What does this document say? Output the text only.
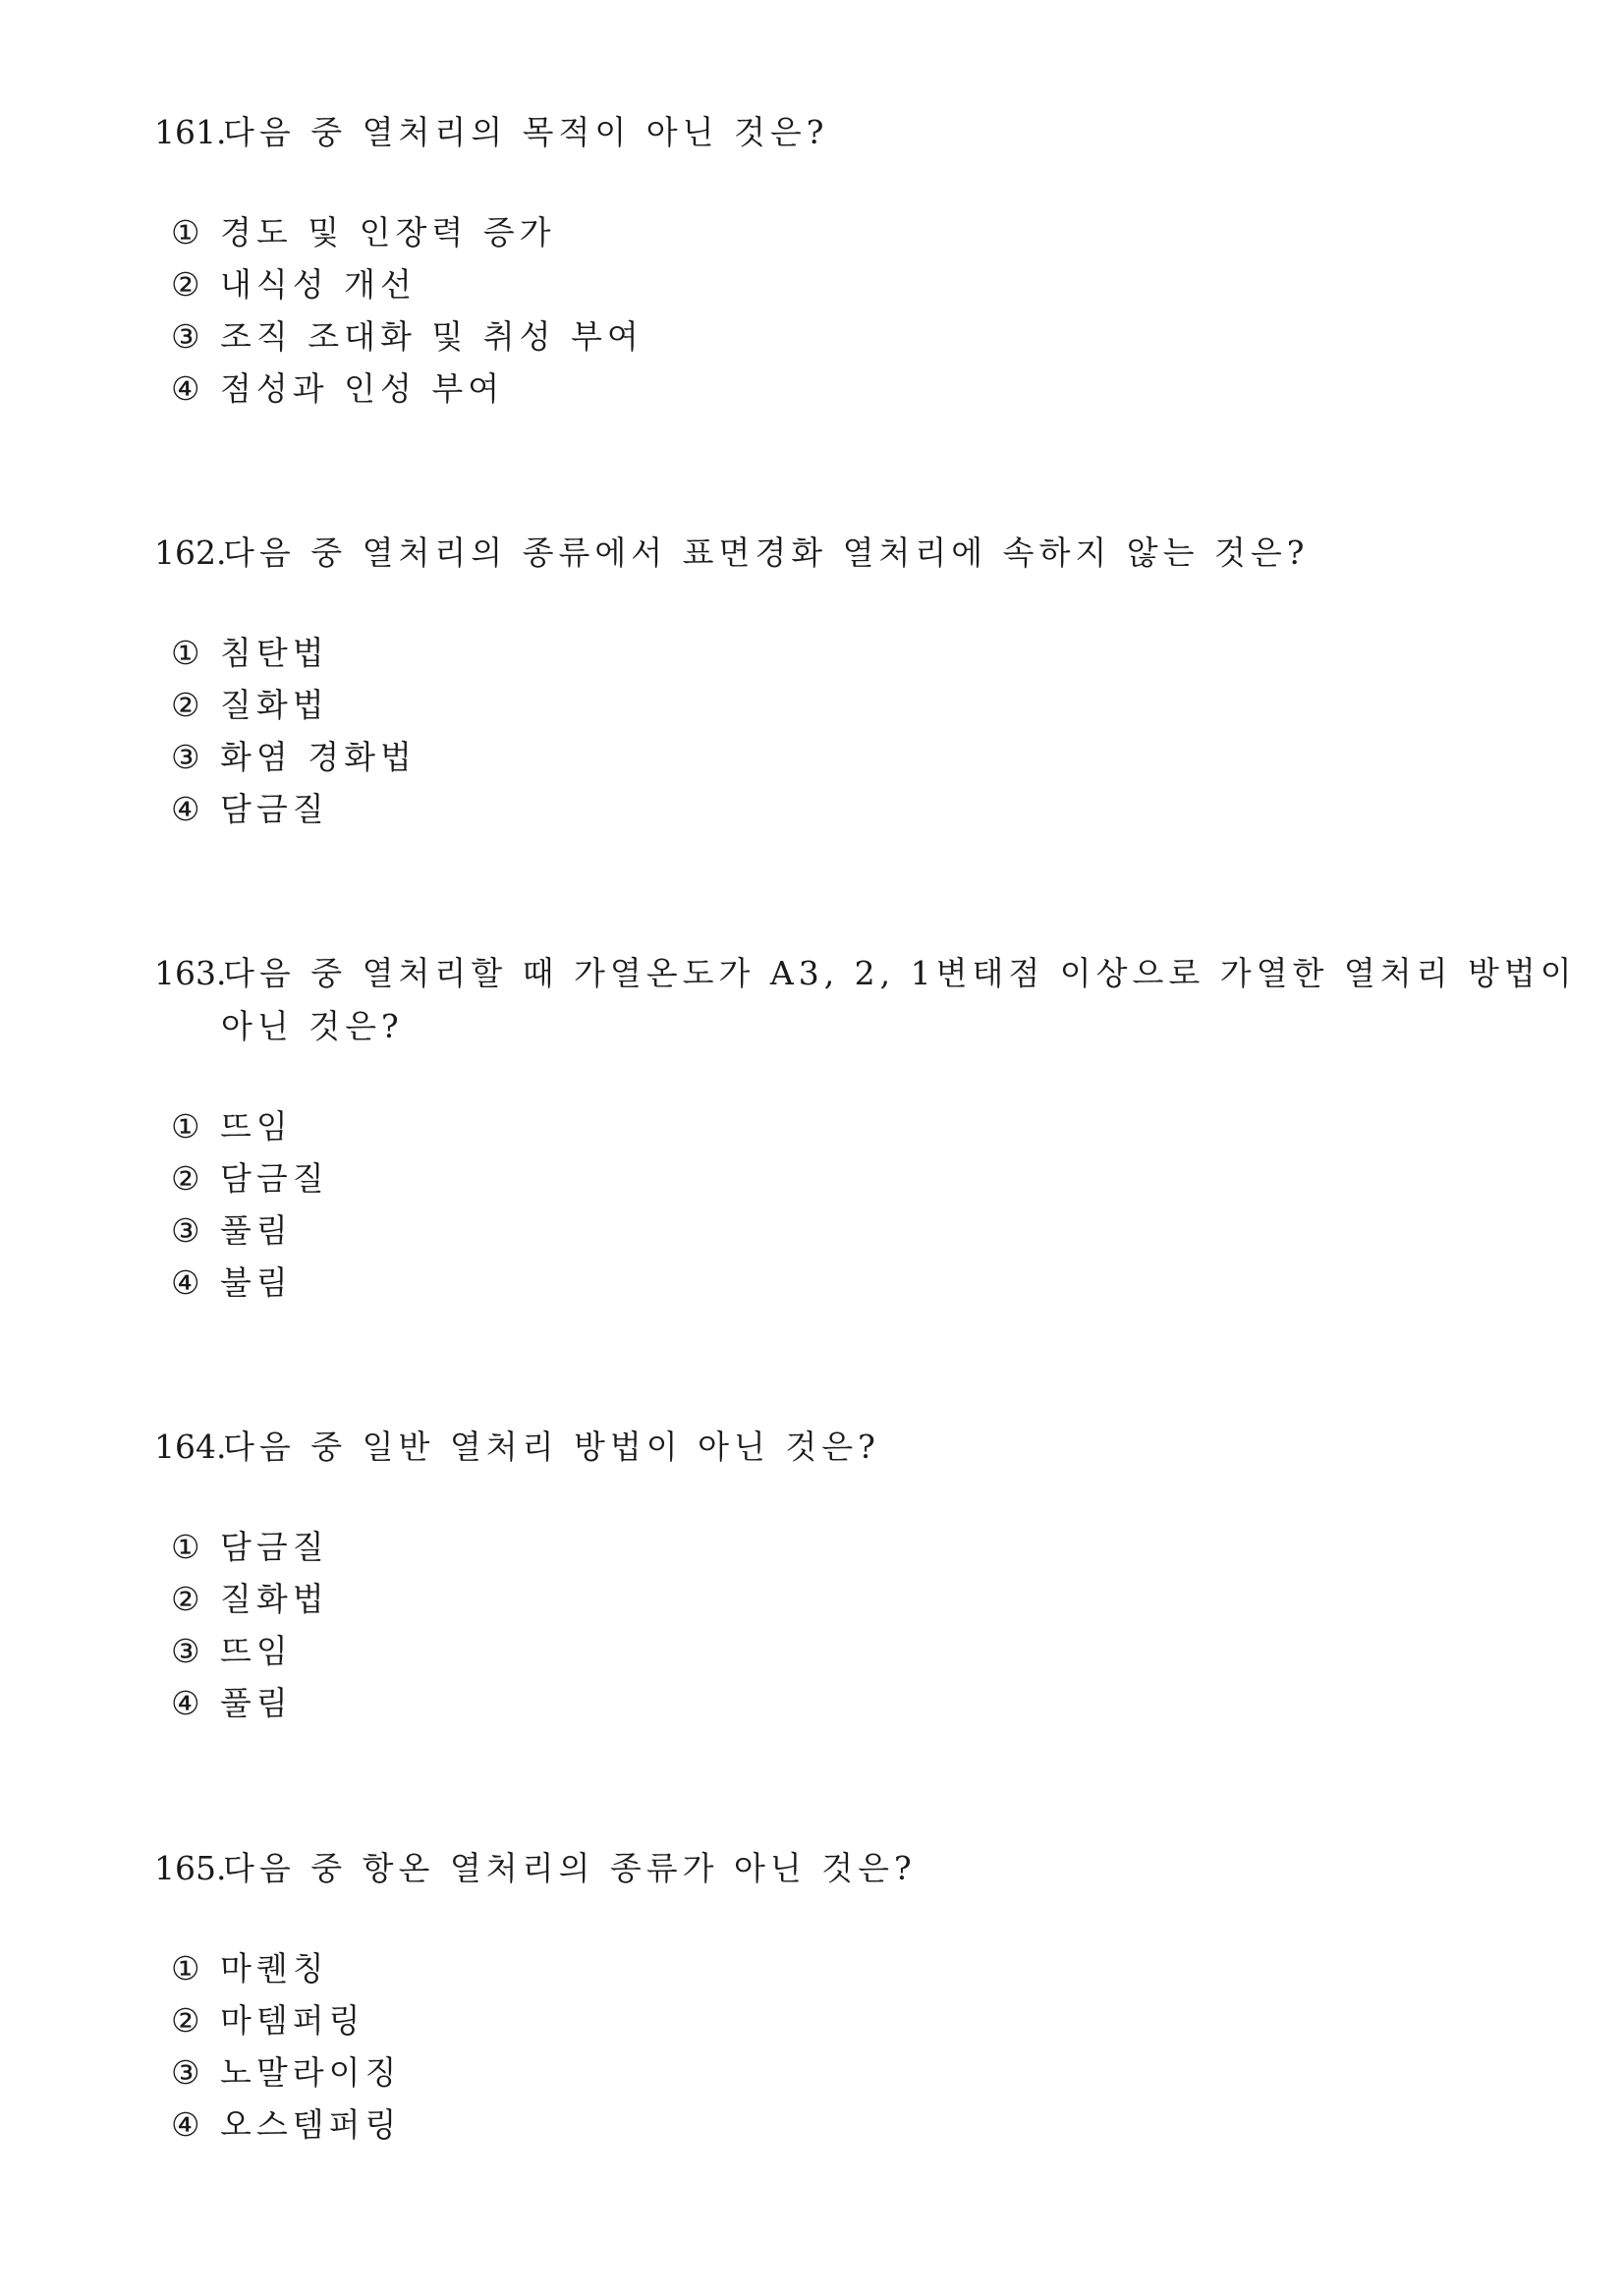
161.다음 중 열처리의 목적이 아닌 것은?
① 경도 및 인장력 증가
② 내식성 개선
③ 조직 조대화 및 취성 부여
④ 점성과 인성 부여
162.다음 중 열처리의 종류에서 표면경화 열처리에 속하지 않는 것은?
① 침탄법
② 질화법
③ 화염 경화법
④ 담금질
163.다음 중 열처리할 때 가열온도가 A3, 2, 1변태점 이상으로 가열한 열처리 방법이
아닌 것은?
① 뜨임
② 담금질
③ 풀림
④ 불림
164.다음 중 일반 열처리 방법이 아닌 것은?
① 담금질
② 질화법
③ 뜨임
④ 풀림
165.다음 중 항온 열처리의 종류가 아닌 것은?
① 마퀜칭
② 마템퍼링
③ 노말라이징
④ 오스템퍼링
